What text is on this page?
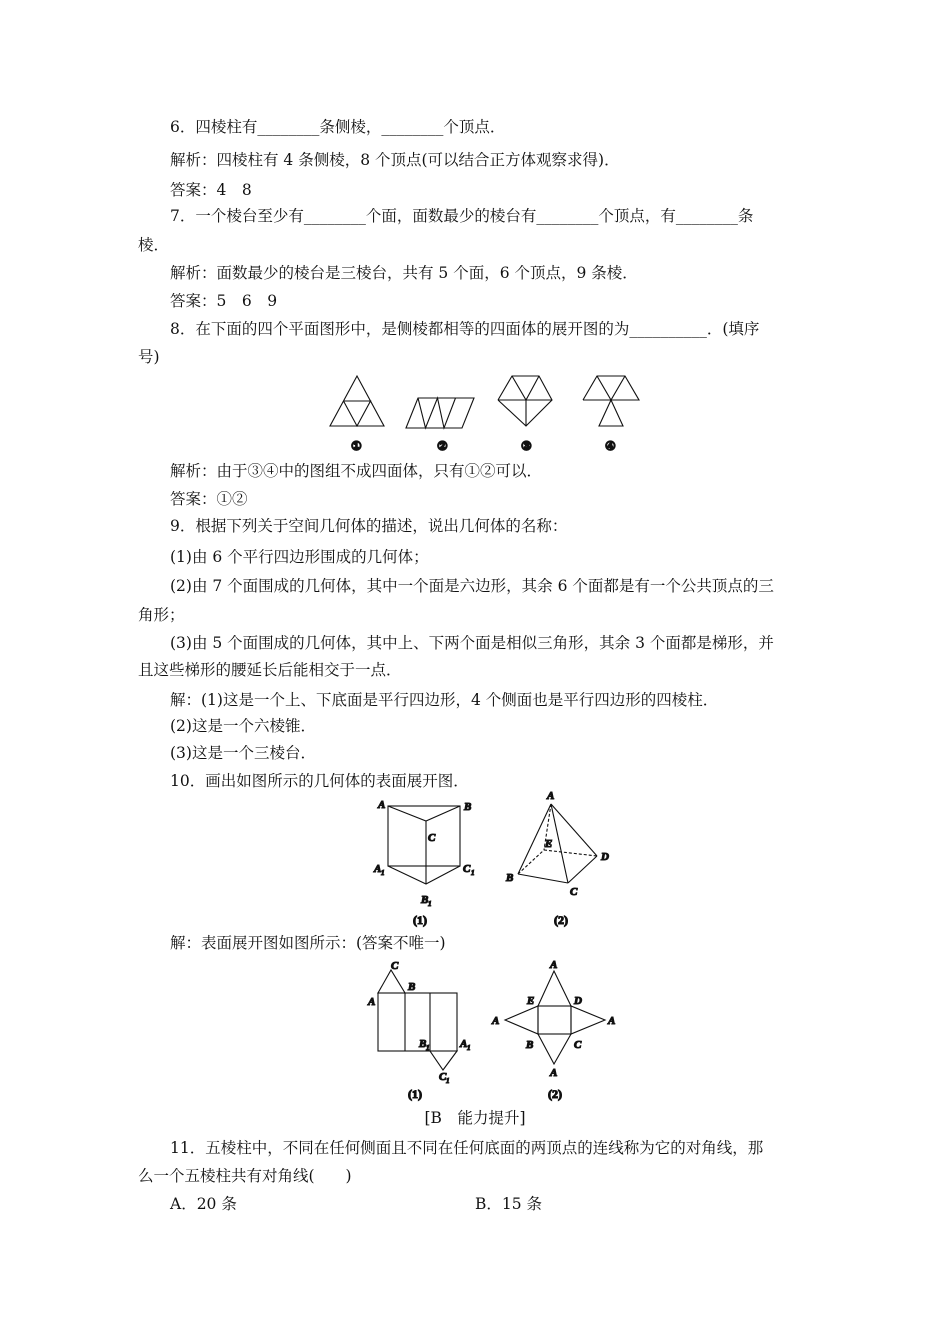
6．四棱柱有________条侧棱，________个顶点．
解析：四棱柱有 4 条侧棱，8 个顶点(可以结合正方体观察求得)．
答案：4　8
7．一个棱台至少有________个面，面数最少的棱台有________个顶点，有________条
棱．
解析：面数最少的棱台是三棱台，共有 5 个面，6 个顶点，9 条棱．
答案：5　6　9
8．在下面的四个平面图形中，是侧棱都相等的四面体的展开图的为__________．(填序
号)
①	②	③	④
解析：由于③④中的图组不成四面体，只有①②可以．
答案：①②
9．根据下列关于空间几何体的描述，说出几何体的名称：
(1)由 6 个平行四边形围成的几何体；
(2)由 7 个面围成的几何体，其中一个面是六边形，其余 6 个面都是有一个公共顶点的三
角形；
(3)由 5 个面围成的几何体，其中上、下两个面是相似三角形，其余 3 个面都是梯形，并
且这些梯形的腰延长后能相交于一点．
解：(1)这是一个上、下底面是平行四边形，4 个侧面也是平行四边形的四棱柱．
(2)这是一个六棱锥．
(3)这是一个三棱台．
10．画出如图所示的几何体的表面展开图．
A	B
C
A 1	C 1
B 1
(1)
A
E
D
B
C
(2)
解：表面展开图如图所示：(答案不唯一)
C
A
B
B 1	A 1
C 1
(1)
A
E	D
A	A
B	C
A
(2)
[B　能力提升]
11．五棱柱中，不同在任何侧面且不同在任何底面的两顶点的连线称为它的对角线，那
么一个五棱柱共有对角线(　　)
A．20 条	B．15 条
